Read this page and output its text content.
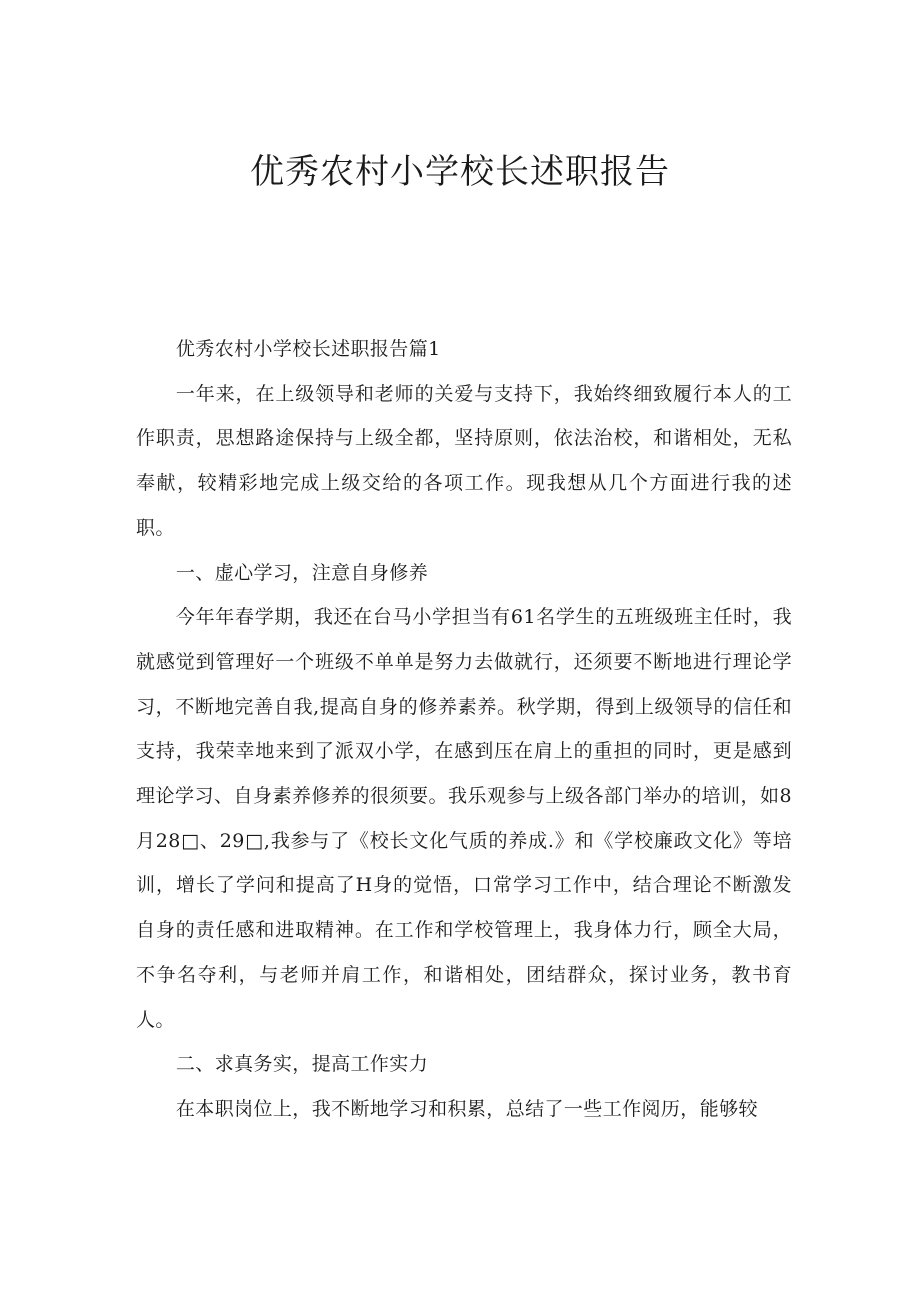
优秀农村小学校长述职报告

优秀农村小学校长述职报告篇1

一年来，在上级领导和老师的关爱与支持下，我始终细致履行本人的工作职责，思想路途保持与上级全都，坚持原则，依法治校，和谐相处，无私奉献，较精彩地完成上级交给的各项工作。现我想从几个方面进行我的述职。

一、虚心学习，注意自身修养

今年年春学期，我还在台马小学担当有61名学生的五班级班主任时，我就感觉到管理好一个班级不单单是努力去做就行，还须要不断地进行理论学习，不断地完善自我,提高自身的修养素养。秋学期，得到上级领导的信任和支持，我荣幸地来到了派双小学，在感到压在肩上的重担的同时，更是感到理论学习、自身素养修养的很须要。我乐观参与上级各部门举办的培训，如8月28□、29□,我参与了《校长文化气质的养成.》和《学校廉政文化》等培训，增长了学问和提高了H身的觉悟，口常学习工作中，结合理论不断激发自身的责任感和进取精神。在工作和学校管理上，我身体力行，顾全大局，不争名夺利，与老师并肩工作，和谐相处，团结群众，探讨业务，教书育人。

二、求真务实，提高工作实力

在本职岗位上，我不断地学习和积累，总结了一些工作阅历，能够较
